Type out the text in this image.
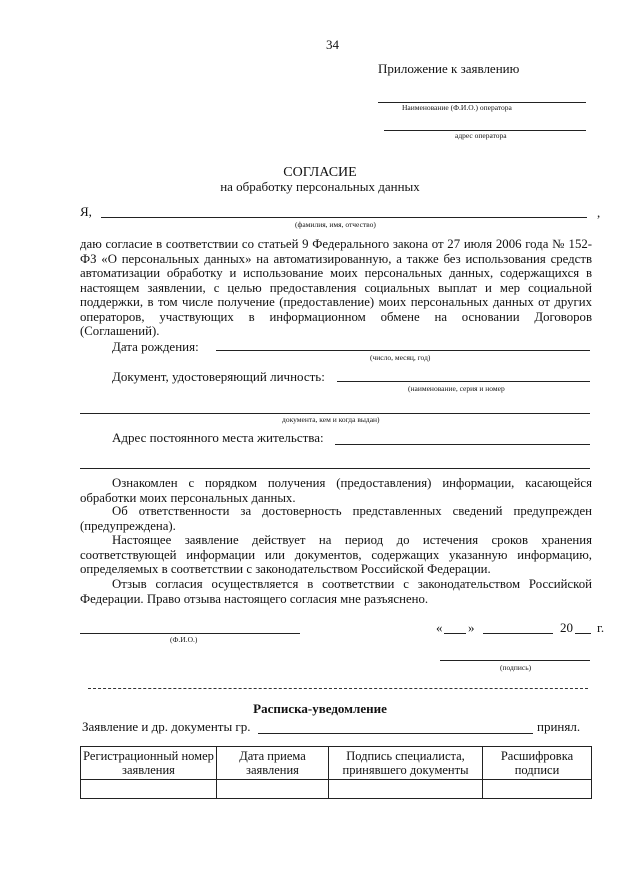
34
Приложение к заявлению
Наименование (Ф.И.О.) оператора
адрес оператора
СОГЛАСИЕ
на обработку персональных данных
Я,	,
(фамилия, имя, отчество)
даю согласие в соответствии со статьей 9 Федерального закона от 27 июля 2006 года № 152-ФЗ «О персональных данных» на автоматизированную, а также без использования средств автоматизации обработку и использование моих персональных данных, содержащихся в настоящем заявлении, с целью предоставления социальных выплат и мер социальной поддержки, в том числе получение (предоставление) моих персональных данных от других операторов, участвующих в информационном обмене на основании Договоров (Соглашений).
Дата рождения:
(число, месяц, год)
Документ, удостоверяющий личность:
(наименование, серия и номер
документа, кем и когда выдан)
Адрес постоянного места жительства:
Ознакомлен с порядком получения (предоставления) информации, касающейся обработки моих персональных данных.
Об ответственности за достоверность представленных сведений предупрежден (предупреждена).
Настоящее заявление действует на период до истечения сроков хранения соответствующей информации или документов, содержащих указанную информацию, определяемых в соответствии с законодательством Российской Федерации.
Отзыв согласия осуществляется в соответствии с законодательством Российской Федерации. Право отзыва настоящего согласия мне разъяснено.
(Ф.И.О.)
« »	20 г.
(подпись)
Расписка-уведомление
Заявление и др. документы гр.	принял.
Регистрационный номер заявления	Дата приема заявления	Подпись специалиста, принявшего документы	Расшифровка подписи
